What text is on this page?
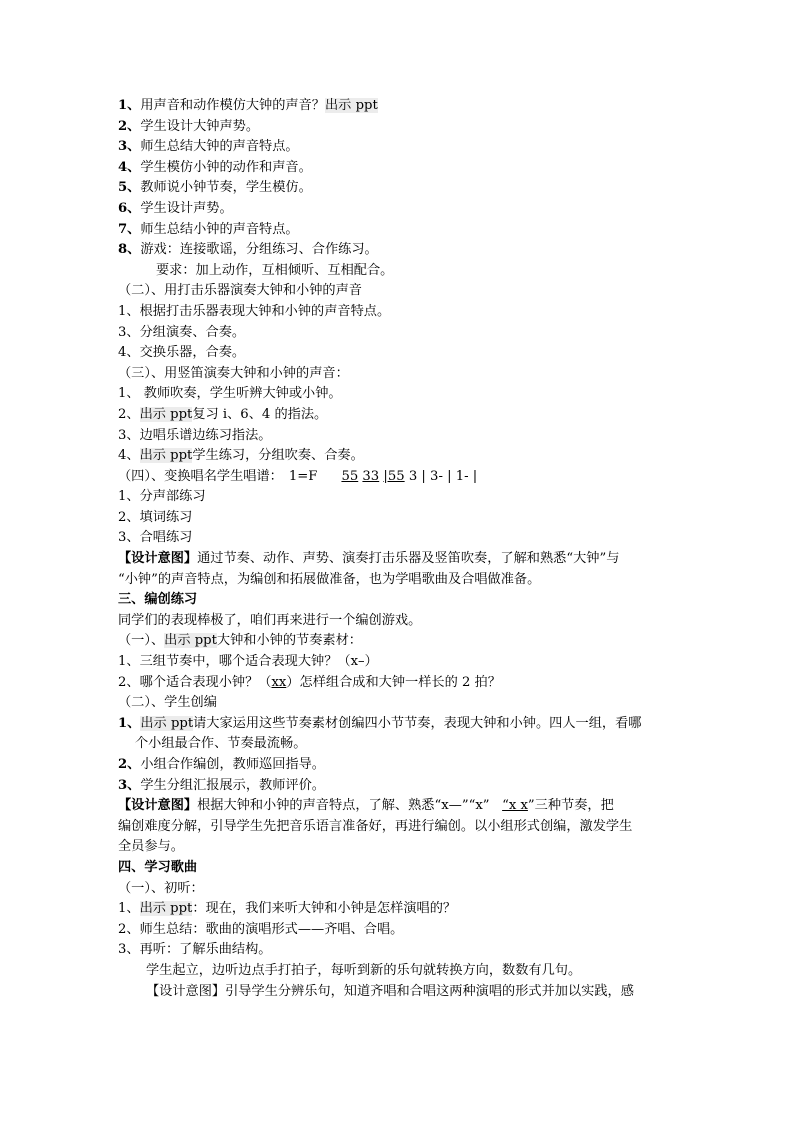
1、用声音和动作模仿大钟的声音？出示 ppt
2、学生设计大钟声势。
3、师生总结大钟的声音特点。
4、学生模仿小钟的动作和声音。
5、教师说小钟节奏，学生模仿。
6、学生设计声势。
7、师生总结小钟的声音特点。
8、游戏：连接歌谣，分组练习、合作练习。
要求：加上动作，互相倾听、互相配合。
（二）、用打击乐器演奏大钟和小钟的声音
1、根据打击乐器表现大钟和小钟的声音特点。
3、分组演奏、合奏。
4、交换乐器，合奏。
（三）、用竖笛演奏大钟和小钟的声音：
1、 教师吹奏，学生听辨大钟或小钟。
2、出示 ppt复习 i、6、4 的指法。
3、边唱乐谱边练习指法。
4、出示 ppt学生练习，分组吹奏、合奏。
（四）、变换唱名学生唱谱： 1=F 55 33 |55 3 | 3- | 1- |
1、分声部练习
2、填词练习
3、合唱练习
【设计意图】通过节奏、动作、声势、演奏打击乐器及竖笛吹奏，了解和熟悉“大钟”与
“小钟”的声音特点，为编创和拓展做准备，也为学唱歌曲及合唱做准备。
三、编创练习
同学们的表现棒极了，咱们再来进行一个编创游戏。
（一）、出示 ppt大钟和小钟的节奏素材：
1、三组节奏中，哪个适合表现大钟？（x–）
2、哪个适合表现小钟？（xx）怎样组合成和大钟一样长的 2 拍？
（二）、学生创编
1、出示 ppt请大家运用这些节奏素材创编四小节节奏，表现大钟和小钟。四人一组，看哪
个小组最合作、节奏最流畅。
2、小组合作编创，教师巡回指导。
3、学生分组汇报展示，教师评价。
【设计意图】根据大钟和小钟的声音特点，了解、熟悉“x—”“x” “x x”三种节奏，把
编创难度分解，引导学生先把音乐语言准备好，再进行编创。以小组形式创编，激发学生
全员参与。
四、学习歌曲
（一）、初听：
1、出示 ppt：现在，我们来听大钟和小钟是怎样演唱的？
2、师生总结：歌曲的演唱形式——齐唱、合唱。
3、再听：了解乐曲结构。
学生起立，边听边点手打拍子，每听到新的乐句就转换方向，数数有几句。
【设计意图】引导学生分辨乐句，知道齐唱和合唱这两种演唱的形式并加以实践，感
